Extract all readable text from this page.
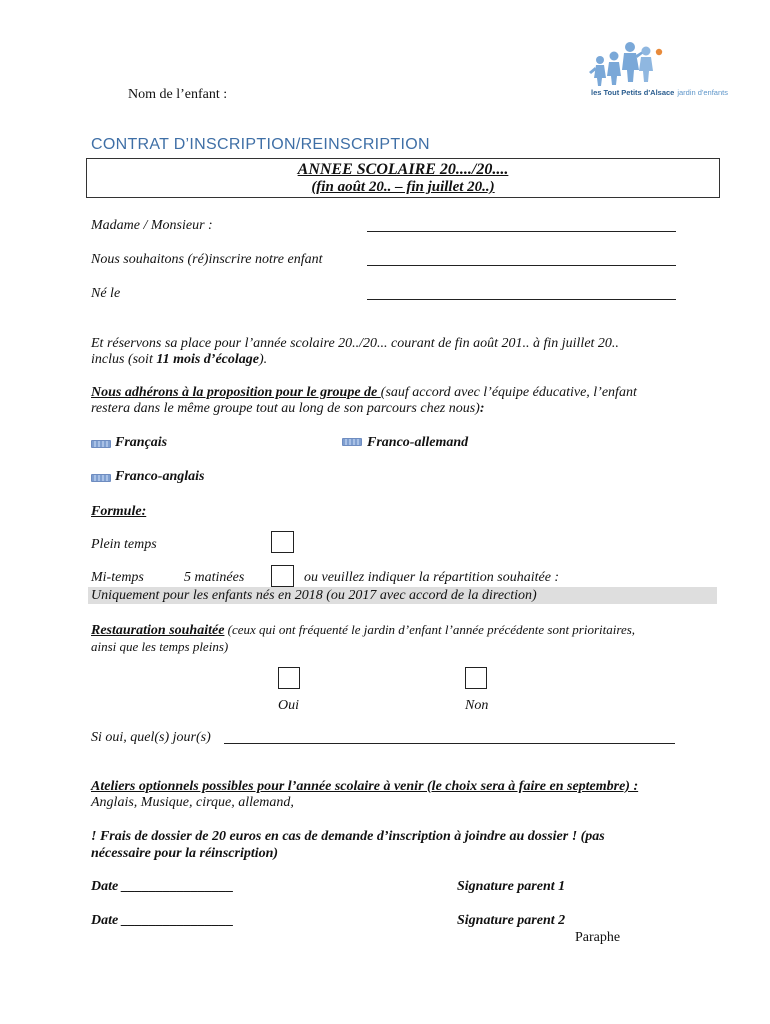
les Tout Petits d'Alsace jardin d'enfants
Nom de l’enfant :
CONTRAT D’INSCRIPTION/REINSCRIPTION
ANNEE SCOLAIRE 20..../20....
(fin août 20.. – fin juillet 20..)
Madame / Monsieur :
Nous souhaitons (ré)inscrire notre enfant
Né le
Et réservons sa place pour l’année scolaire 20../20... courant de fin août 201.. à fin juillet 20..
inclus (soit 11 mois d’écolage).
Nous adhérons à la proposition pour le groupe de (sauf accord avec l’équipe éducative, l’enfant
restera dans le même groupe tout au long de son parcours chez nous):
Français	Franco-allemand
Franco-anglais
Formule:
Plein temps
Mi-temps	5 matinées	ou veuillez indiquer la répartition souhaitée :
Uniquement pour les enfants nés en 2018 (ou 2017 avec accord de la direction)
Restauration souhaitée (ceux qui ont fréquenté le jardin d’enfant l’année précédente sont prioritaires,
ainsi que les temps pleins)
Oui	Non
Si oui, quel(s) jour(s)
Ateliers optionnels possibles pour l’année scolaire à venir (le choix sera à faire en septembre) :
Anglais, Musique, cirque, allemand,
! Frais de dossier de 20 euros en cas de demande d’inscription à joindre au dossier ! (pas
nécessaire pour la réinscription)
Date ________________	Signature parent 1
Date ________________	Signature parent 2
Paraphe
